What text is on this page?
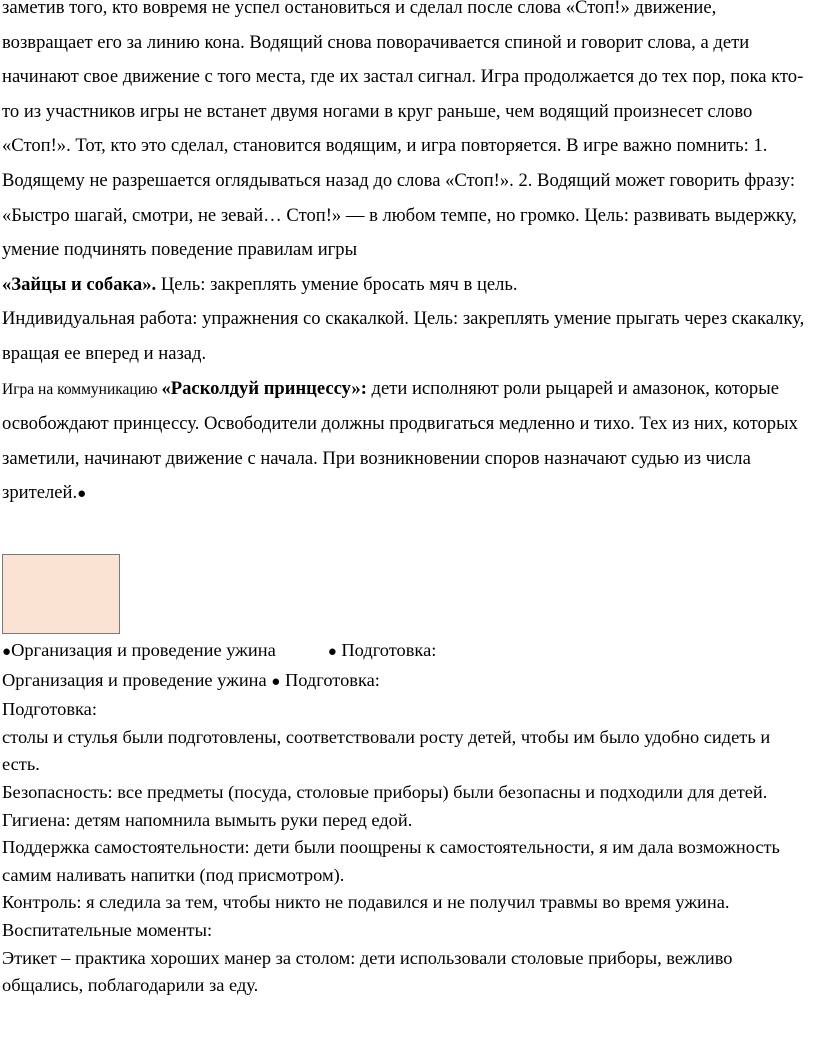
заметив того, кто вовремя не успел остановиться и сделал после слова «Стоп!» движение, возвращает его за линию кона. Водящий снова поворачивается спиной и говорит слова, а дети начинают свое движение с того места, где их застал сигнал. Игра продолжается до тех пор, пока кто-то из участников игры не встанет двумя ногами в круг раньше, чем водящий произнесет слово «Стоп!». Тот, кто это сделал, становится водящим, и игра повторяется. В игре важно помнить: 1. Водящему не разрешается оглядываться назад до слова «Стоп!». 2. Водящий может говорить фразу: «Быстро шагай, смотри, не зевай… Стоп!» — в любом темпе, но громко. Цель: развивать выдержку, умение подчинять поведение правилам игры

«Зайцы и собака». Цель: закреплять умение бросать мяч в цель.

Индивидуальная работа: упражнения со скакалкой. Цель: закреплять умение прыгать через скакалку, вращая ее вперед и назад.

Игра на коммуникацию «Расколдуй принцессу»: дети исполняют роли рыцарей и амазонок, которые освобождают принцессу. Освободители должны продвигаться медленно и тихо. Тех из них, которых заметили, начинают движение с начала. При возникновении споров назначают судью из числа зрителей.●

●Организация и проведение ужина	● Подготовка:

Организация и проведение ужина ● Подготовка:

Подготовка:

столы и стулья были подготовлены, соответствовали росту детей, чтобы им было удобно сидеть и есть.

Безопасность: все предметы (посуда, столовые приборы) были безопасны и подходили для детей.

Гигиена: детям напомнила вымыть руки перед едой.

Поддержка самостоятельности: дети были поощрены к самостоятельности, я им дала возможность самим наливать напитки (под присмотром).

Контроль: я следила за тем, чтобы никто не подавился и не получил травмы во время ужина.

Воспитательные моменты:

Этикет – практика хороших манер за столом: дети использовали столовые приборы, вежливо общались, поблагодарили за еду.
